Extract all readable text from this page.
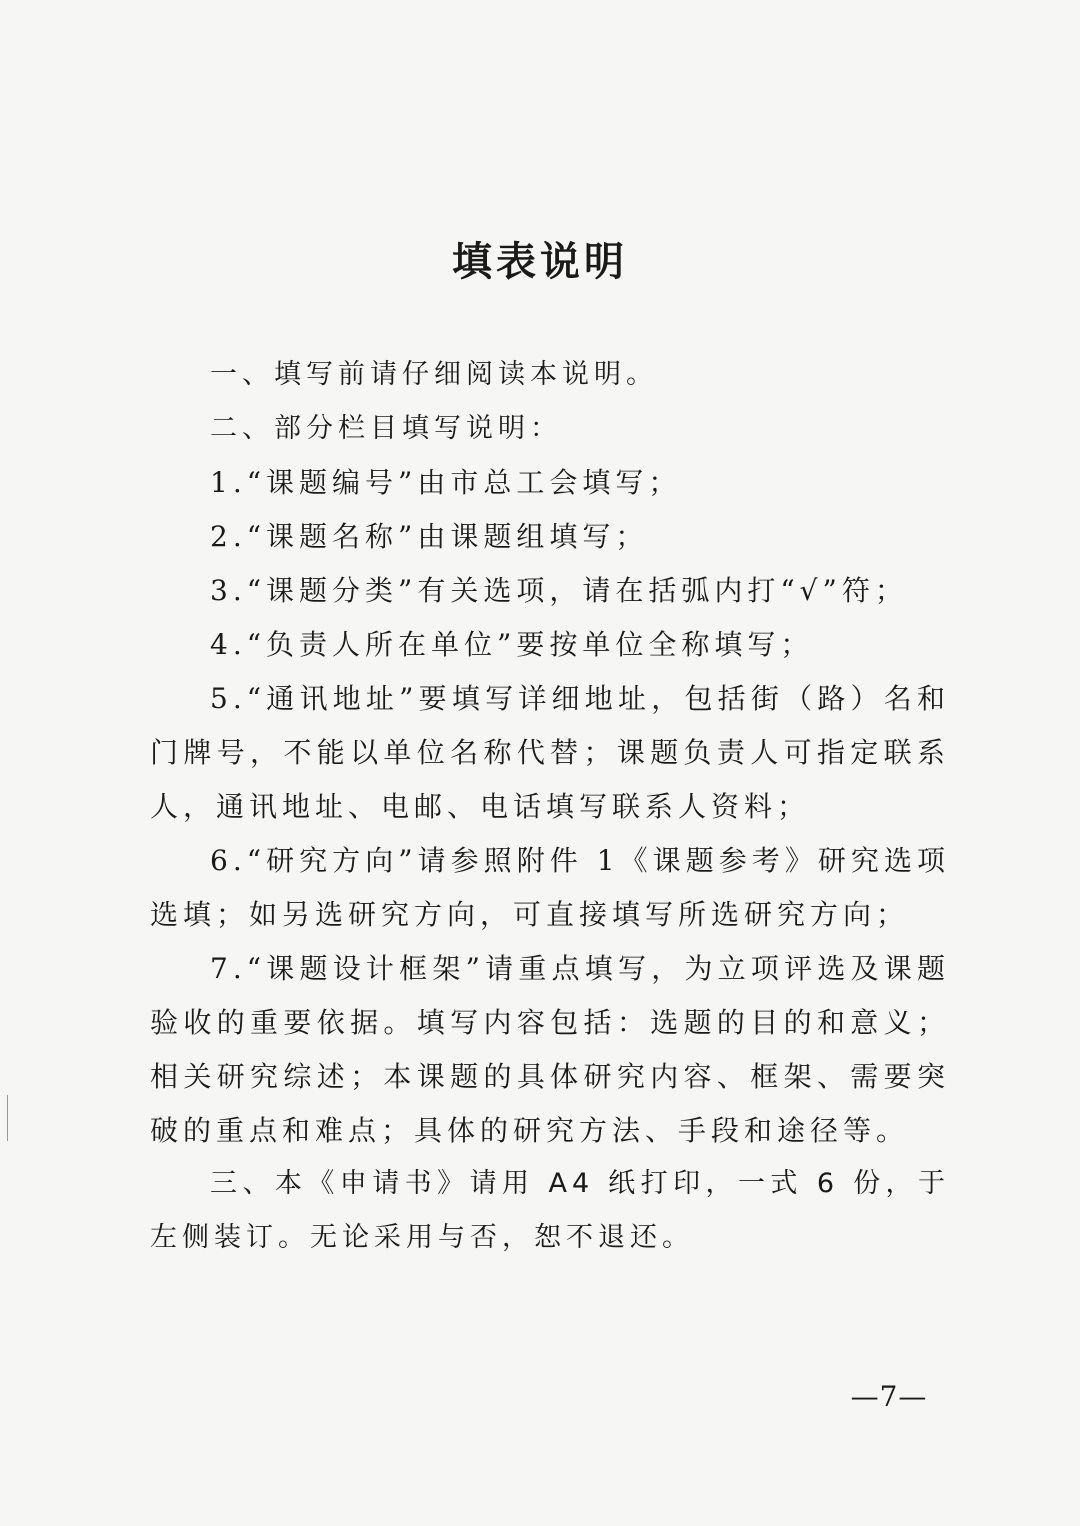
填表说明

一、填写前请仔细阅读本说明。

二、部分栏目填写说明：

1.“课题编号”由市总工会填写；

2.“课题名称”由课题组填写；

3.“课题分类”有关选项，请在括弧内打“√”符；

4.“负责人所在单位”要按单位全称填写；

5.“通讯地址”要填写详细地址，包括街（路）名和门牌号，不能以单位名称代替；课题负责人可指定联系人，通讯地址、电邮、电话填写联系人资料；

6.“研究方向”请参照附件 1《课题参考》研究选项选填；如另选研究方向，可直接填写所选研究方向；

7.“课题设计框架”请重点填写，为立项评选及课题验收的重要依据。填写内容包括：选题的目的和意义；相关研究综述；本课题的具体研究内容、框架、需要突破的重点和难点；具体的研究方法、手段和途径等。

三、本《申请书》请用 A4 纸打印，一式 6 份，于左侧装订。无论采用与否，恕不退还。

—7—
